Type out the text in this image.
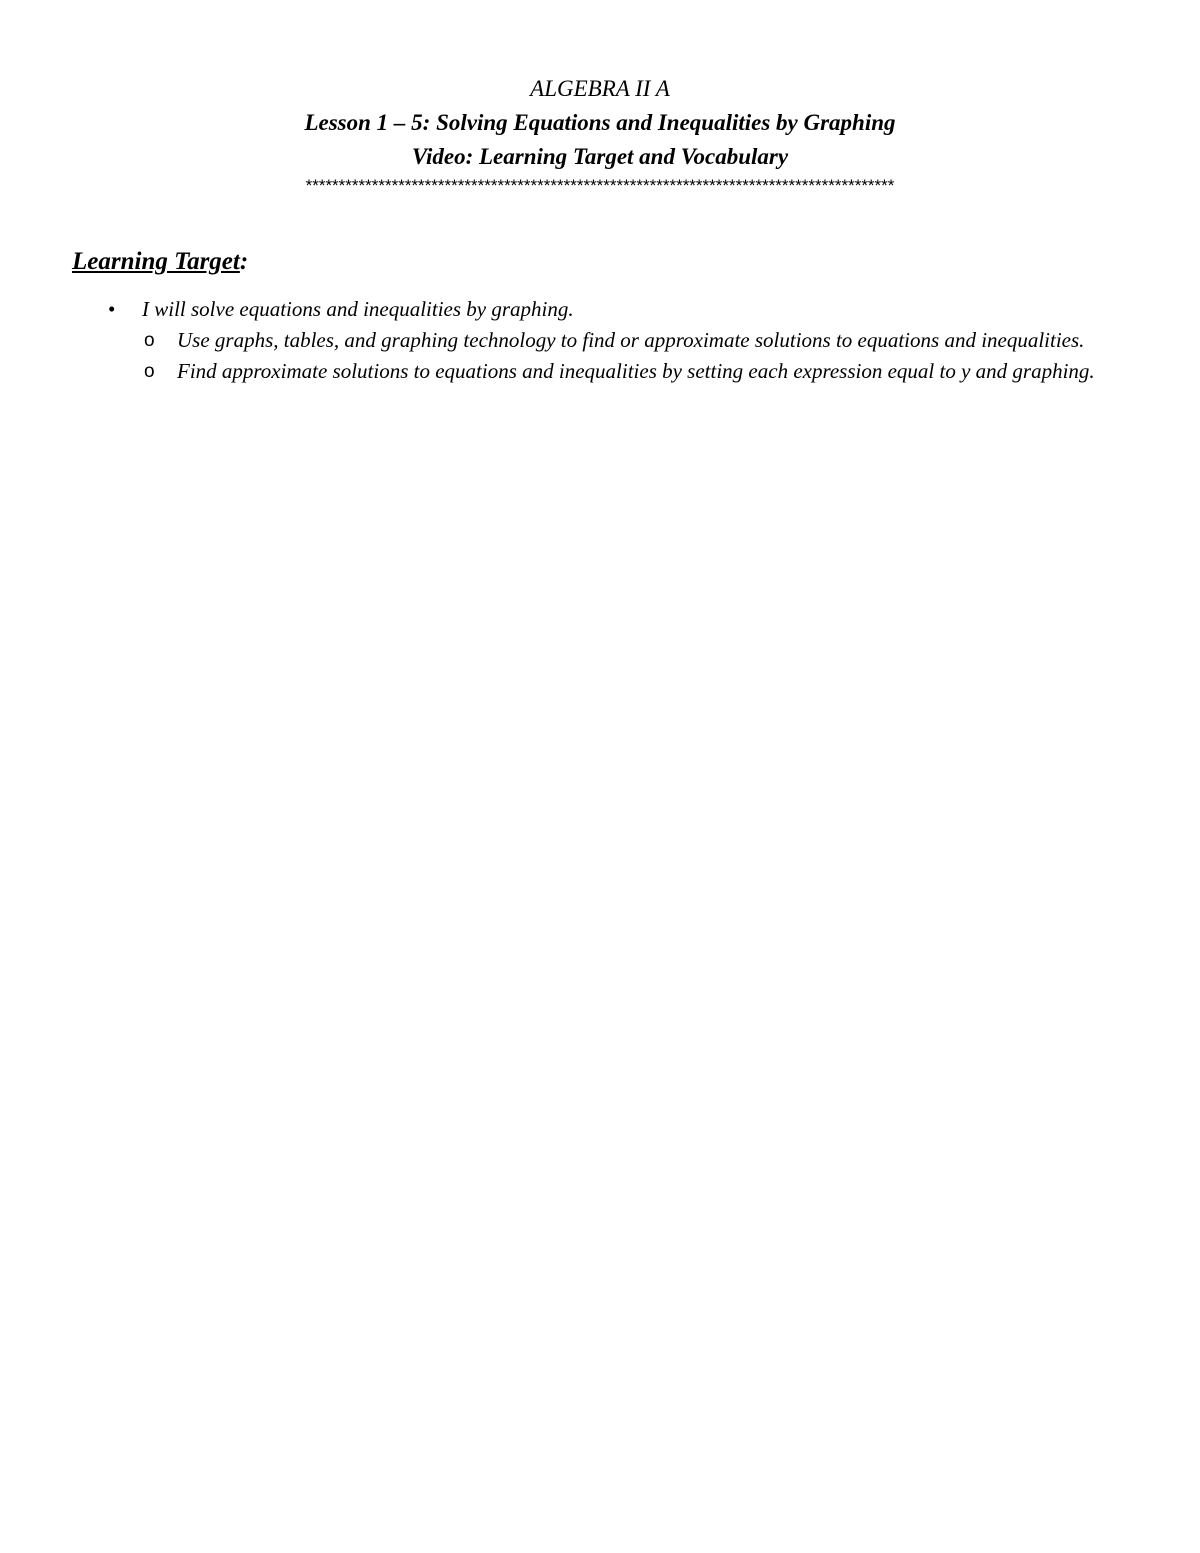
ALGEBRA II A
Lesson 1 – 5: Solving Equations and Inequalities by Graphing
Video: Learning Target and Vocabulary
*****************************************************************************************
Learning Target:
• I will solve equations and inequalities by graphing.
o Use graphs, tables, and graphing technology to find or approximate solutions to equations and inequalities.
o Find approximate solutions to equations and inequalities by setting each expression equal to y and graphing.
